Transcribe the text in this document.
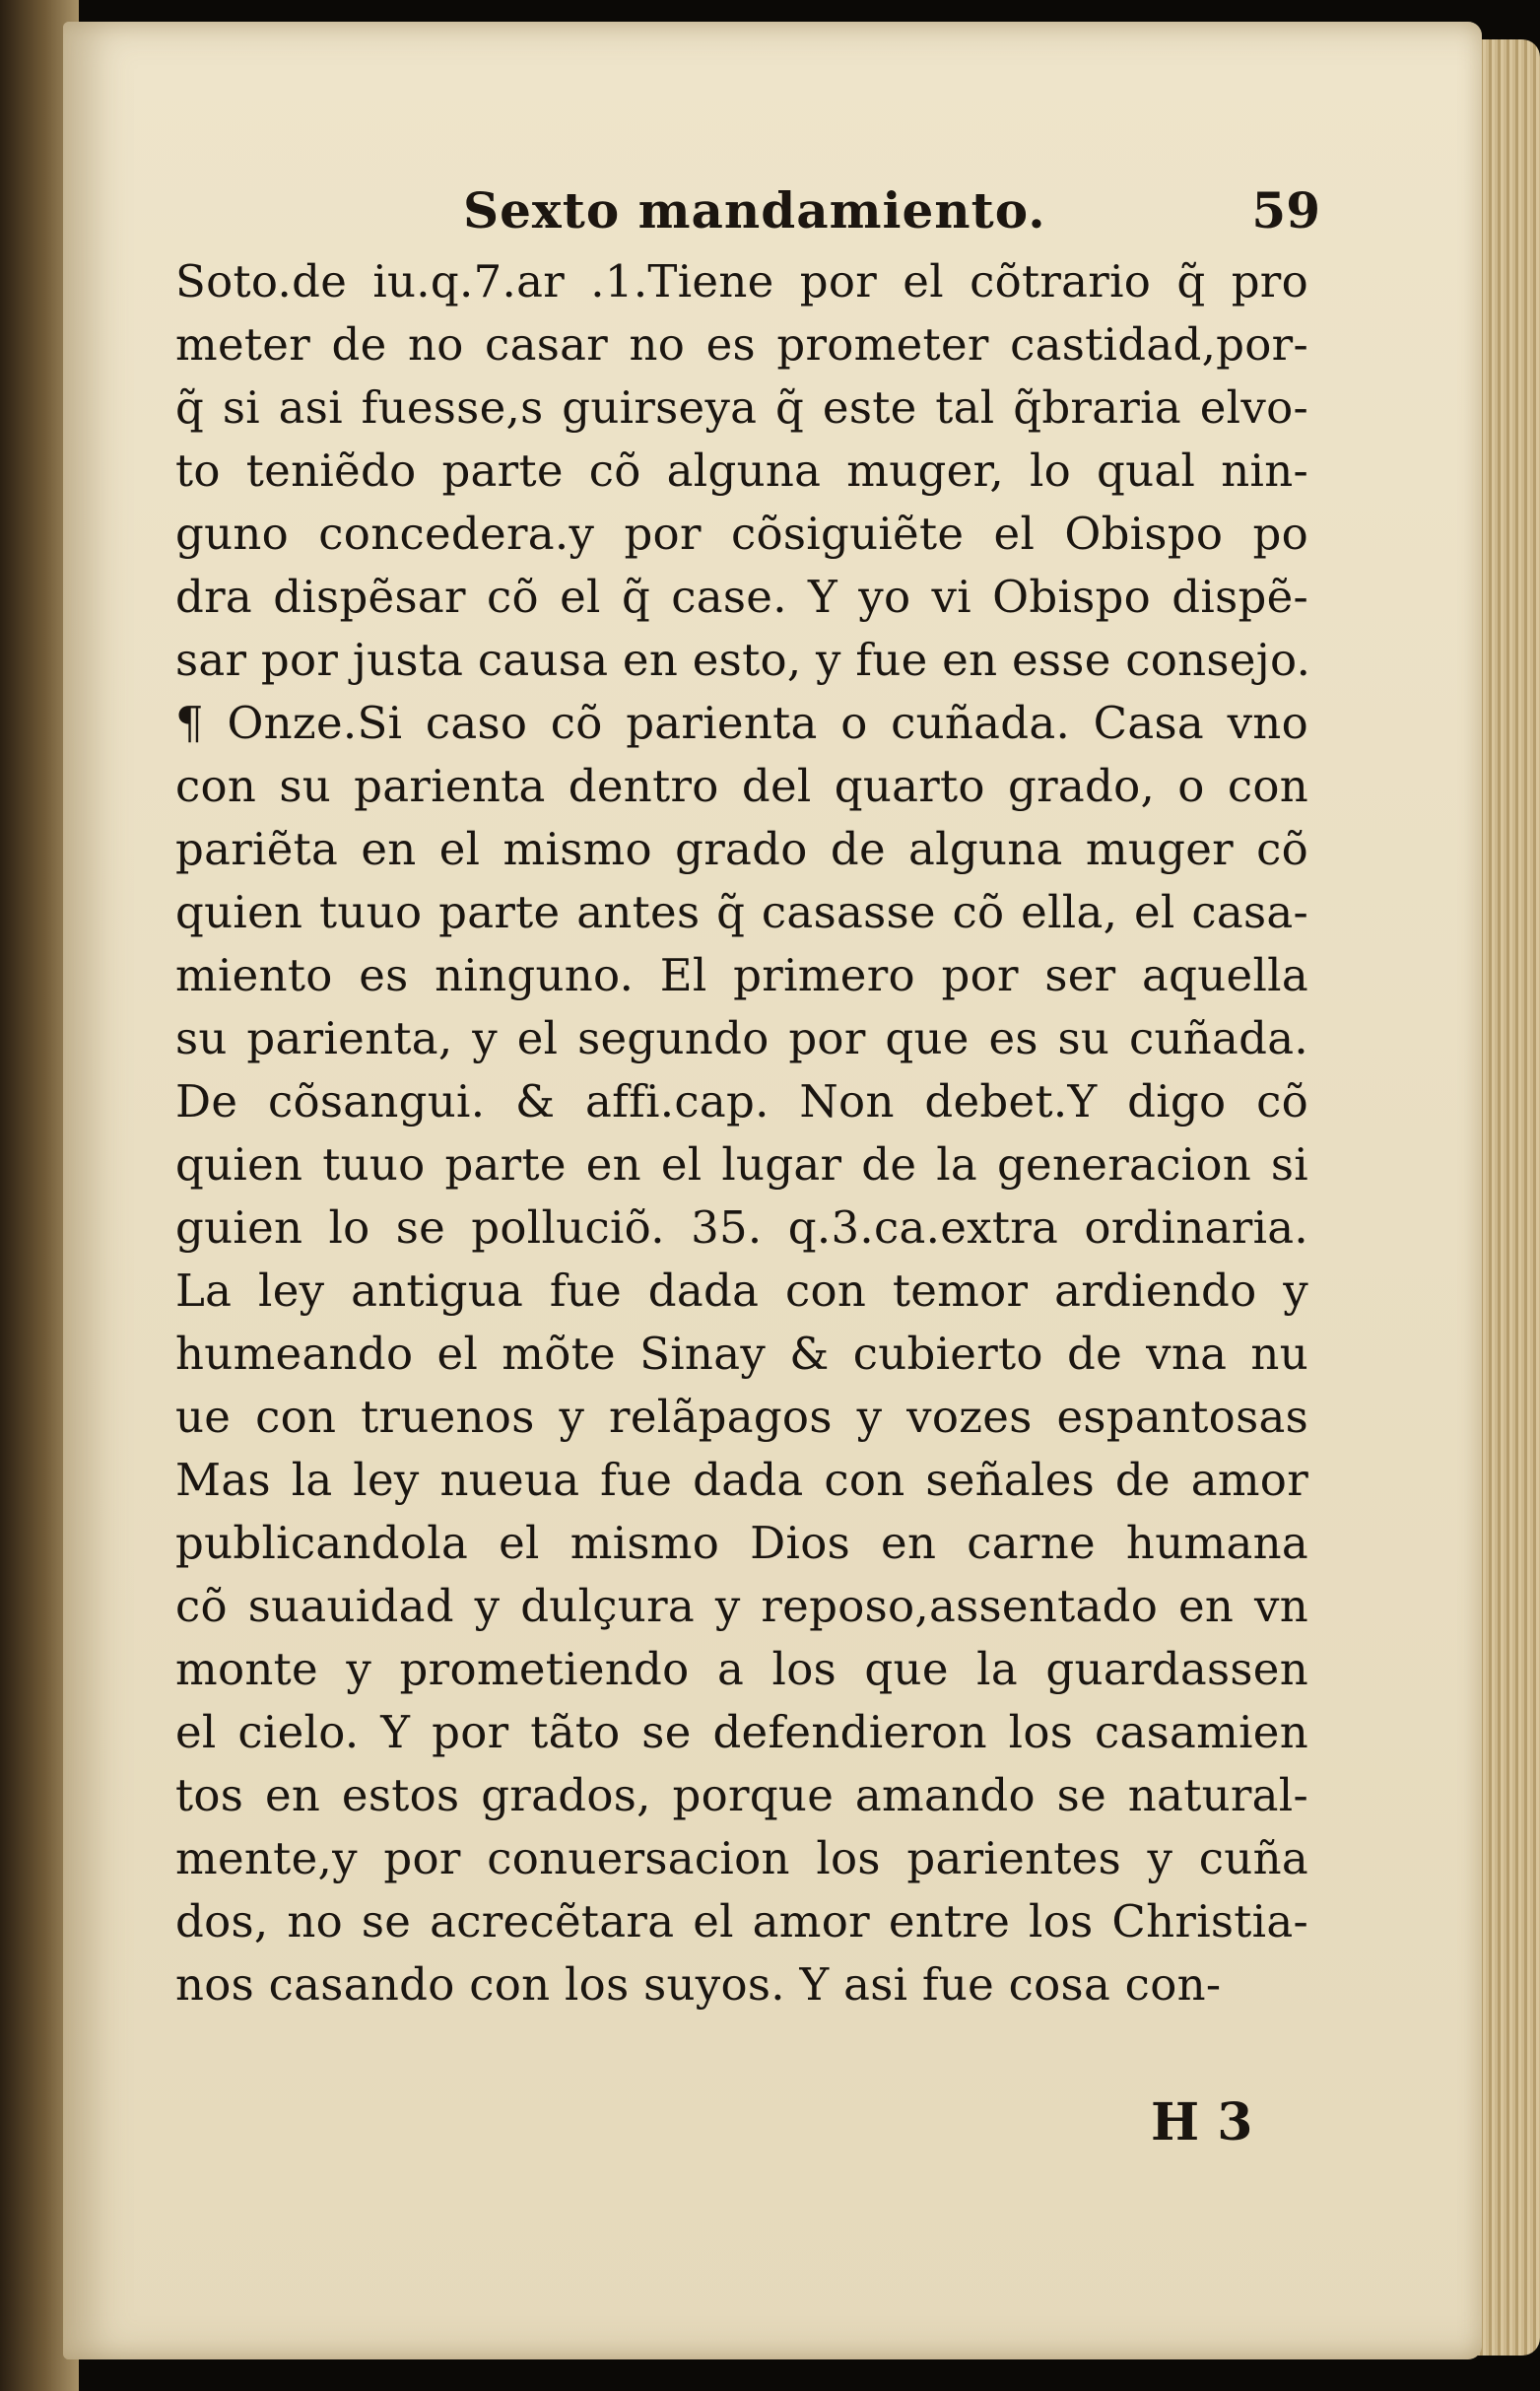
Sexto mandamiento.	59
Soto.de iu.q.7.ar .1.Tiene por el cõtrario q̃ pro
meter de no casar no es prometer castidad,por-
q̃ si asi fuesse,s guirseya q̃ este tal q̃braria elvo-
to teniẽdo parte cõ alguna muger, lo qual nin-
guno concedera.y por cõsiguiẽte el Obispo po
dra dispẽsar cõ el q̃ case. Y yo vi Obispo dispẽ-
sar por justa causa en esto, y fue en esse consejo.
¶ Onze.Si caso cõ parienta o cuñada. Casa vno
con su parienta dentro del quarto grado, o con
pariẽta en el mismo grado de alguna muger cõ
quien tuuo parte antes q̃ casasse cõ ella, el casa-
miento es ninguno. El primero por ser aquella
su parienta, y el segundo por que es su cuñada.
De cõsangui. & affi.cap. Non debet.Y digo cõ
quien tuuo parte en el lugar de la generacion si
guien lo se polluciõ. 35. q.3.ca.extra ordinaria.
La ley antigua fue dada con temor ardiendo y
humeando el mõte Sinay & cubierto de vna nu
ue con truenos y relãpagos y vozes espantosas
Mas la ley nueua fue dada con señales de amor
publicandola el mismo Dios en carne humana
cõ suauidad y dulçura y reposo,assentado en vn
monte y prometiendo a los que la guardassen
el cielo. Y por tãto se defendieron los casamien
tos en estos grados, porque amando se natural-
mente,y por conuersacion los parientes y cuña
dos, no se acrecẽtara el amor entre los Christia-
nos casando con los suyos. Y asi fue cosa con-
H 3
